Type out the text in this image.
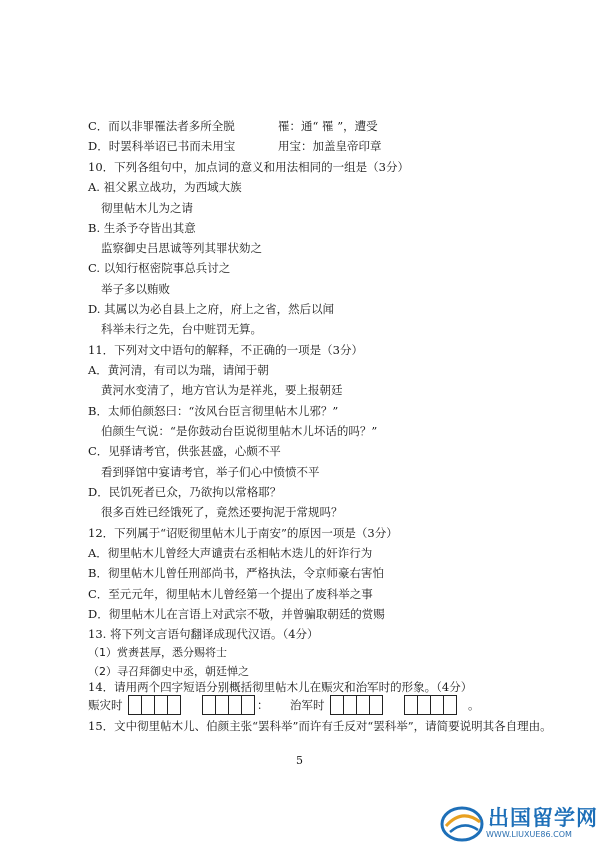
C．而以非罪罹法者多所全脱	罹：通“ 罹 ”，遭受
D．时罢科举诏已书而未用宝	用宝：加盖皇帝印章
10．下列各组句中，加点词的意义和用法相同的一组是（3分）
A. 祖父累立战功，为西域大族
彻里帖木儿为之请
B. 生杀予夺皆出其意
监察御史吕思诚等列其罪状劾之
C. 以知行枢密院事总兵讨之
举子多以贿败
D. 其属以为必自县上之府，府上之省，然后以闻
科举未行之先，台中赃罚无算。
11．下列对文中语句的解释，不正确的一项是（3分）
A．黄河清，有司以为瑞，请闻于朝
黄河水变清了，地方官认为是祥兆，要上报朝廷
B．太师伯颜怒曰：“汝风台臣言彻里帖木儿邪？”
伯颜生气说：“是你鼓动台臣说彻里帖木儿坏话的吗？”
C．见驿请考官，供张甚盛，心颇不平
看到驿馆中宴请考官，举子们心中愤愤不平
D．民饥死者已众，乃欲拘以常格耶？
很多百姓已经饿死了，竟然还要拘泥于常规吗？
12．下列属于“诏贬彻里帖木儿于南安”的原因一项是（3分）
A．彻里帖木儿曾经大声谴责右丞相帖木迭儿的奸诈行为
B．彻里帖木儿曾任刑部尚书，严格执法，令京师豪右害怕
C．至元元年，彻里帖木儿曾经第一个提出了废科举之事
D．彻里帖木儿在言语上对武宗不敬，并曾骗取朝廷的赏赐
13. 将下列文言语句翻译成现代汉语。（4分）
（1）赏赉甚厚，悉分赐将士
（2）寻召拜御史中丞，朝廷惮之
14．请用两个四字短语分别概括彻里帖木儿在赈灾和治军时的形象。（4分）
赈灾时	： 治军时	。
15．文中彻里帖木儿、伯颜主张“罢科举”而许有壬反对“罢科举”，请简要说明其各自理由。
5
出国留学网
WWW.LIUXUE86.COM
